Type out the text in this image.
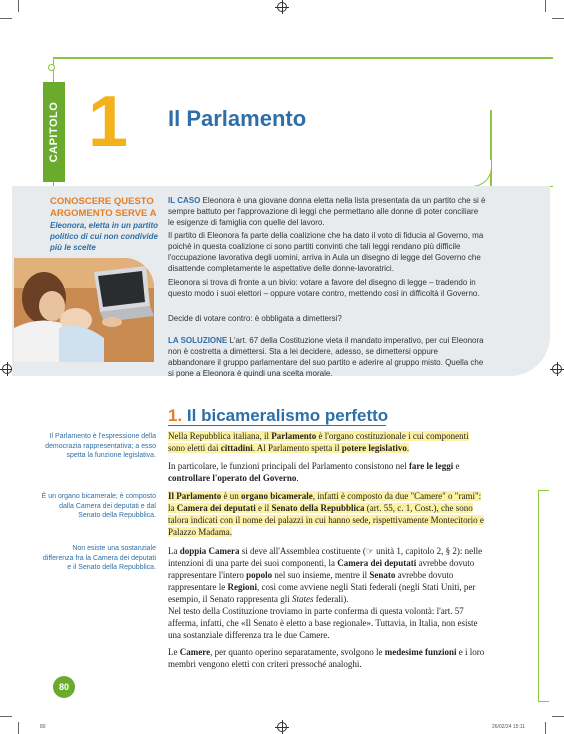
CAPITOLO 1 Il Parlamento
CONOSCERE QUESTO ARGOMENTO SERVE A
Eleonora, eletta in un partito politico di cui non condivide più le scelte
IL CASO Eleonora è una giovane donna eletta nella lista presentata da un partito che si è sempre battuto per l'approvazione di leggi che permettano alle donne di poter conciliare le esigenze di famiglia con quelle del lavoro.
Il partito di Eleonora fa parte della coalizione che ha dato il voto di fiducia al Governo, ma poiché in questa coalizione ci sono partiti convinti che tali leggi rendano più difficile l'occupazione lavorativa degli uomini, arriva in Aula un disegno di legge del Governo che disattende completamente le aspettative delle donne-lavoratrici.
Eleonora si trova di fronte a un bivio: votare a favore del disegno di legge – tradendo in questo modo i suoi elettori – oppure votare contro, mettendo così in difficoltà il Governo.
Decide di votare contro: è obbligata a dimettersi?
LA SOLUZIONE L'art. 67 della Costituzione vieta il mandato imperativo, per cui Eleonora non è costretta a dimettersi. Sta a lei decidere, adesso, se dimettersi oppure abbandonare il gruppo parlamentare del suo partito e aderire al gruppo misto. Quella che si pone a Eleonora è quindi una scelta morale.
1. Il bicameralismo perfetto
Il Parlamento è l'espressione della democrazia rappresentativa; a esso spetta la funzione legislativa.
È un organo bicamerale; è composto dalla Camera dei deputati e dal Senato della Repubblica.
Non esiste una sostanziale differenza fra la Camera dei deputati e il Senato della Repubblica.
Nella Repubblica italiana, il Parlamento è l'organo costituzionale i cui componenti sono eletti dai cittadini. Al Parlamento spetta il potere legislativo.
In particolare, le funzioni principali del Parlamento consistono nel fare le leggi e controllare l'operato del Governo.
Il Parlamento è un organo bicamerale, infatti è composto da due "Camere" o "rami": la Camera dei deputati e il Senato della Repubblica (art. 55, c. 1, Cost.), che sono talora indicati con il nome dei palazzi in cui hanno sede, rispettivamente Montecitorio e Palazzo Madama.
La doppia Camera si deve all'Assemblea costituente (☞ unità 1, capitolo 2, § 2): nelle intenzioni di una parte dei suoi componenti, la Camera dei deputati avrebbe dovuto rappresentare l'intero popolo nel suo insieme, mentre il Senato avrebbe dovuto rappresentare le Regioni, così come avviene negli Stati federali (negli Stati Uniti, per esempio, il Senato rappresenta gli States federali).
Nel testo della Costituzione troviamo in parte conferma di questa volontà: l'art. 57 afferma, infatti, che «Il Senato è eletto a base regionale». Tuttavia, in Italia, non esiste una sostanziale differenza tra le due Camere.
Le Camere, per quanto operino separatamente, svolgono le medesime funzioni e i loro membri vengono eletti con criteri pressoché analoghi.
80
80	26/02/24 15:11
